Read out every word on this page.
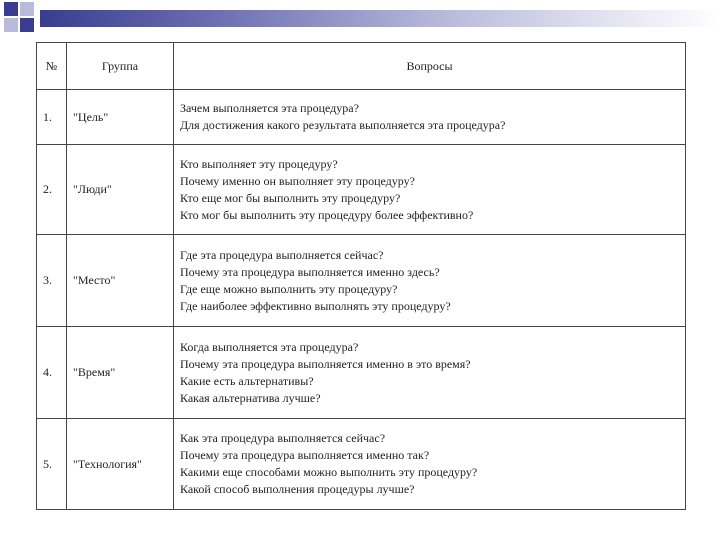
№	Группа	Вопросы
1.	"Цель"	Зачем выполняется эта процедура?
Для достижения какого результата выполняется эта процедура?

2.	"Люди"	Кто выполняет эту процедуру?
Почему именно он выполняет эту процедуру?
Кто еще мог бы выполнить эту процедуру?
Кто мог бы выполнить эту процедуру более эффективно?

3.	"Место"	Где эта процедура выполняется сейчас?
Почему эта процедура выполняется именно здесь?
Где еще можно выполнить эту процедуру?
Где наиболее эффективно выполнять эту процедуру?

4.	"Время"	Когда выполняется эта процедура?
Почему эта процедура выполняется именно в это время?
Какие есть альтернативы?
Какая альтернатива лучше?

5.	"Технология"	Как эта процедура выполняется сейчас?
Почему эта процедура выполняется именно так?
Какими еще способами можно выполнить эту процедуру?
Какой способ выполнения процедуры лучше?
